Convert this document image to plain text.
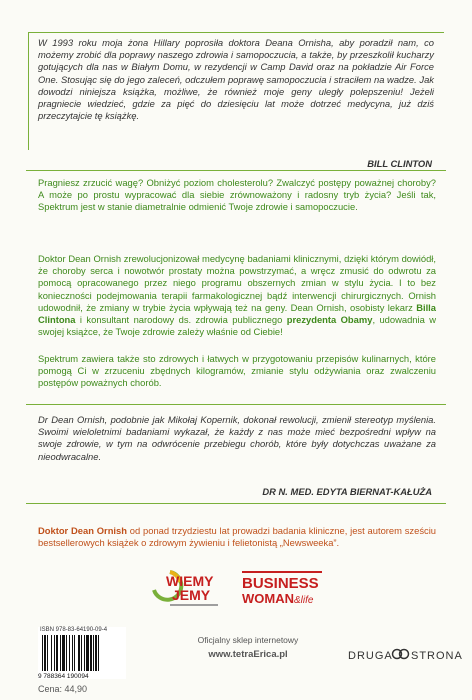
W 1993 roku moja żona Hillary poprosiła doktora Deana Ornisha, aby poradził nam, co możemy zrobić dla poprawy naszego zdrowia i samopoczucia, a także, by przeszkolił kucharzy gotujących dla nas w Białym Domu, w rezydencji w Camp David oraz na pokładzie Air Force One. Stosując się do jego zaleceń, odczułem poprawę samopoczucia i straciłem na wadze. Jak dowodzi niniejsza książka, możliwe, że również moje geny uległy polepszeniu! Jeżeli pragniecie wiedzieć, gdzie za pięć do dziesięciu lat może dotrzeć medycyna, już dziś przeczytajcie tę książkę.
BILL CLINTON
Pragniesz zrzucić wagę? Obniżyć poziom cholesterolu? Zwalczyć postępy poważnej choroby? A może po prostu wypracować dla siebie zrównoważony i radosny tryb życia? Jeśli tak, Spektrum jest w stanie diametralnie odmienić Twoje zdrowie i samopoczucie.
Doktor Dean Ornish zrewolucjonizował medycynę badaniami klinicznymi, dzięki którym dowiódł, że choroby serca i nowotwór prostaty można powstrzymać, a wręcz zmusić do odwrotu za pomocą opracowanego przez niego programu obszernych zmian w stylu życia. I to bez konieczności podejmowania terapii farmakologicznej bądź interwencji chirurgicznych. Ornish udowodnił, że zmiany w trybie życia wpływają też na geny. Dean Ornish, osobisty lekarz Billa Clintona i konsultant narodowy ds. zdrowia publicznego prezydenta Obamy, udowadnia w swojej książce, że Twoje zdrowie zależy właśnie od Ciebie!
Spektrum zawiera także sto zdrowych i łatwych w przygotowaniu przepisów kulinarnych, które pomogą Ci w zrzuceniu zbędnych kilogramów, zmianie stylu odżywiania oraz zwalczeniu postępów poważnych chorób.
Dr Dean Ornish, podobnie jak Mikołaj Kopernik, dokonał rewolucji, zmienił stereotyp myślenia. Swoimi wieloletnimi badaniami wykazał, że każdy z nas może mieć bezpośredni wpływ na swoje zdrowie, w tym na odwrócenie przebiegu chorób, które były dotychczas uważane za nieodwracalne.
DR N. MED. EDYTA BIERNAT-KAŁUŻA
Doktor Dean Ornish od ponad trzydziestu lat prowadzi badania kliniczne, jest autorem sześciu bestsellerowych książek o zdrowym żywieniu i felietonistą „Newsweeka”.
WIEMY
JEMY
BUSINESS
WOMAN &life
9 788364 190094
ISBN 978-83-64190-09-4
Cena: 44,90
Oficjalny sklep internetowy
www.tetraErica.pl	DRUGA STRONA
